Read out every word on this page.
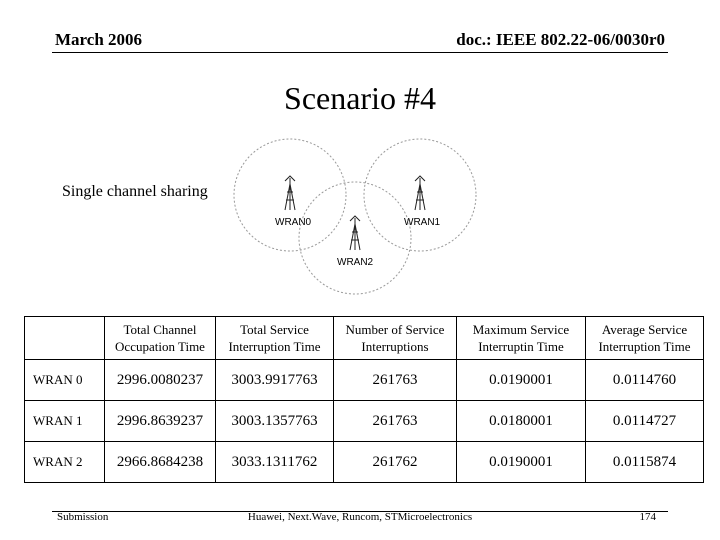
March 2006	doc.: IEEE 802.22-06/0030r0
Scenario #4
Single channel sharing
WRAN0	WRAN1
WRAN2
	Total Channel Occupation Time	Total Service Interruption Time	Number of Service Interruptions	Maximum Service Interruptin Time	Average Service Interruption Time
WRAN 0	2996.0080237	3003.9917763	261763	0.0190001	0.0114760
WRAN 1	2996.8639237	3003.1357763	261763	0.0180001	0.0114727
WRAN 2	2966.8684238	3033.1311762	261762	0.0190001	0.0115874
Submission	Huawei, Next.Wave, Runcom, STMicroelectronics	174
